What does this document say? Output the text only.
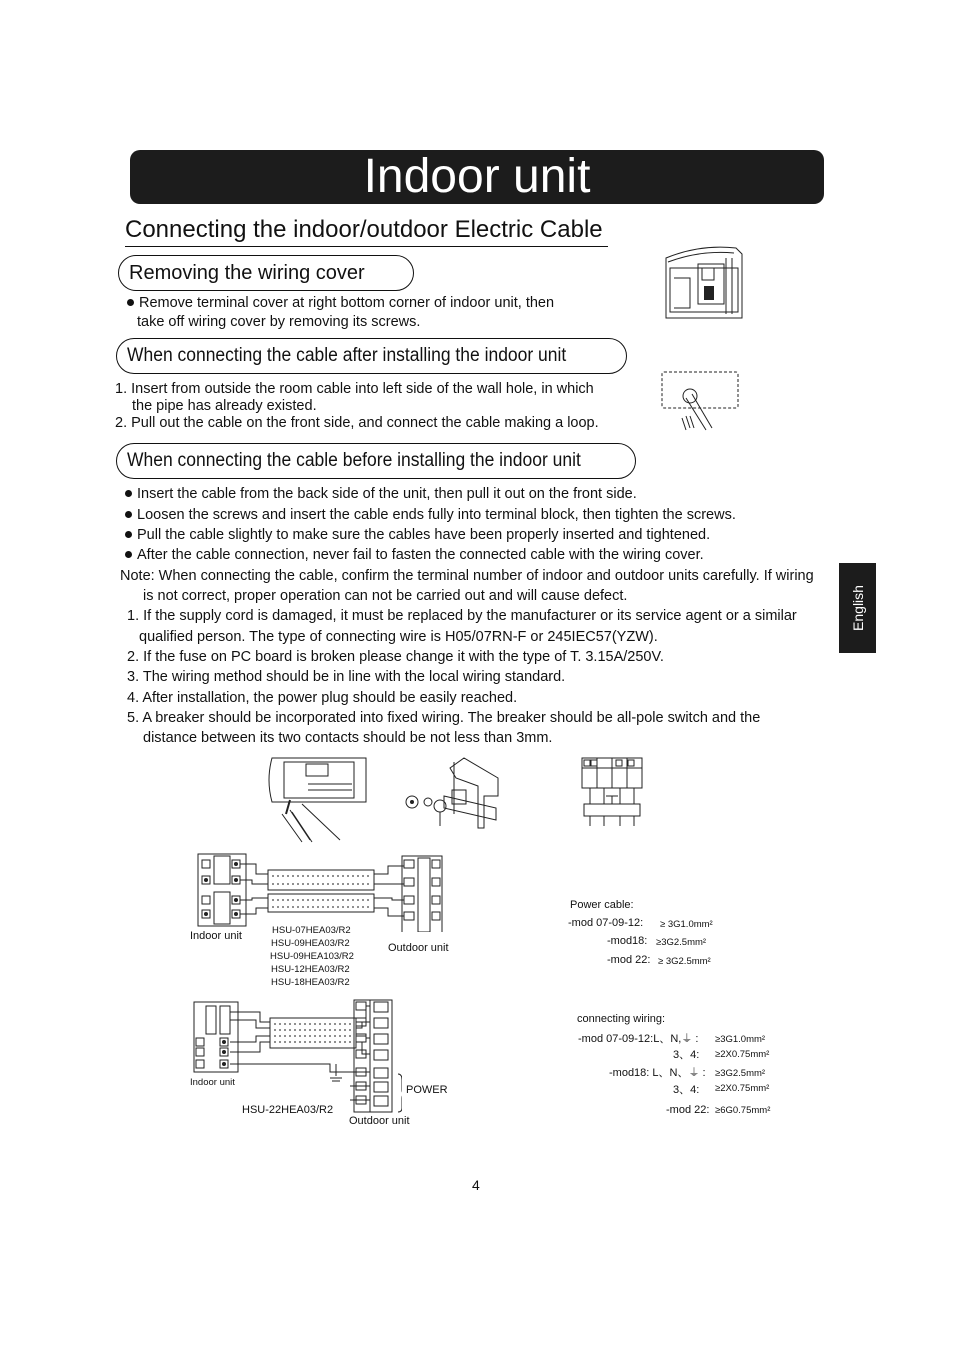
Indoor unit
Connecting the indoor/outdoor Electric Cable
Removing the wiring cover
Remove terminal cover at right bottom corner of indoor unit, then
take off wiring cover by removing its screws.
When connecting the cable after installing the indoor unit
1. Insert from outside the room cable into left side of the wall hole, in which
the pipe has already existed.
2. Pull out the cable on the front side, and connect the cable making a loop.
When connecting the cable before installing the indoor unit
Insert the cable from the back side of the unit, then pull it out on the front side.
Loosen the screws and insert the cable ends fully into terminal block, then tighten the screws.
Pull the cable slightly to make sure the cables have been properly inserted and tightened.
After the cable connection, never fail to fasten the connected cable with the wiring cover.
Note: When connecting the cable, confirm the terminal number of indoor and outdoor units carefully. If wiring
is not correct, proper operation can not be carried out and will cause defect.
1. If the supply cord is damaged, it must be replaced by the manufacturer or its service agent or a similar
qualified person. The type of connecting wire is H05/07RN-F or 245IEC57(YZW).
2. If the fuse on PC board is broken please change it with the type of T. 3.15A/250V.
3. The wiring method should be in line with the local wiring standard.
4. After installation, the power plug should be easily reached.
5. A breaker should be incorporated into fixed wiring. The breaker should be all-pole switch and the
distance between its two contacts should be not less than 3mm.
English
Indoor unit
Outdoor unit
HSU-07HEA03/R2
HSU-09HEA03/R2
HSU-09HEA103/R2
HSU-12HEA03/R2
HSU-18HEA03/R2
Indoor unit
POWER
HSU-22HEA03/R2
Outdoor unit
Power cable:
-mod 07-09-12: ≥ 3G1.0mm²
-mod18: ≥3G2.5mm²
-mod 22: ≥ 3G2.5mm²
connecting wiring:
-mod 07-09-12:L、N,⏚ : ≥3G1.0mm²
3、4: ≥2X0.75mm²
-mod18: L、N、⏚ : ≥3G2.5mm²
3、4: ≥2X0.75mm²
-mod 22: ≥6G0.75mm²
4
